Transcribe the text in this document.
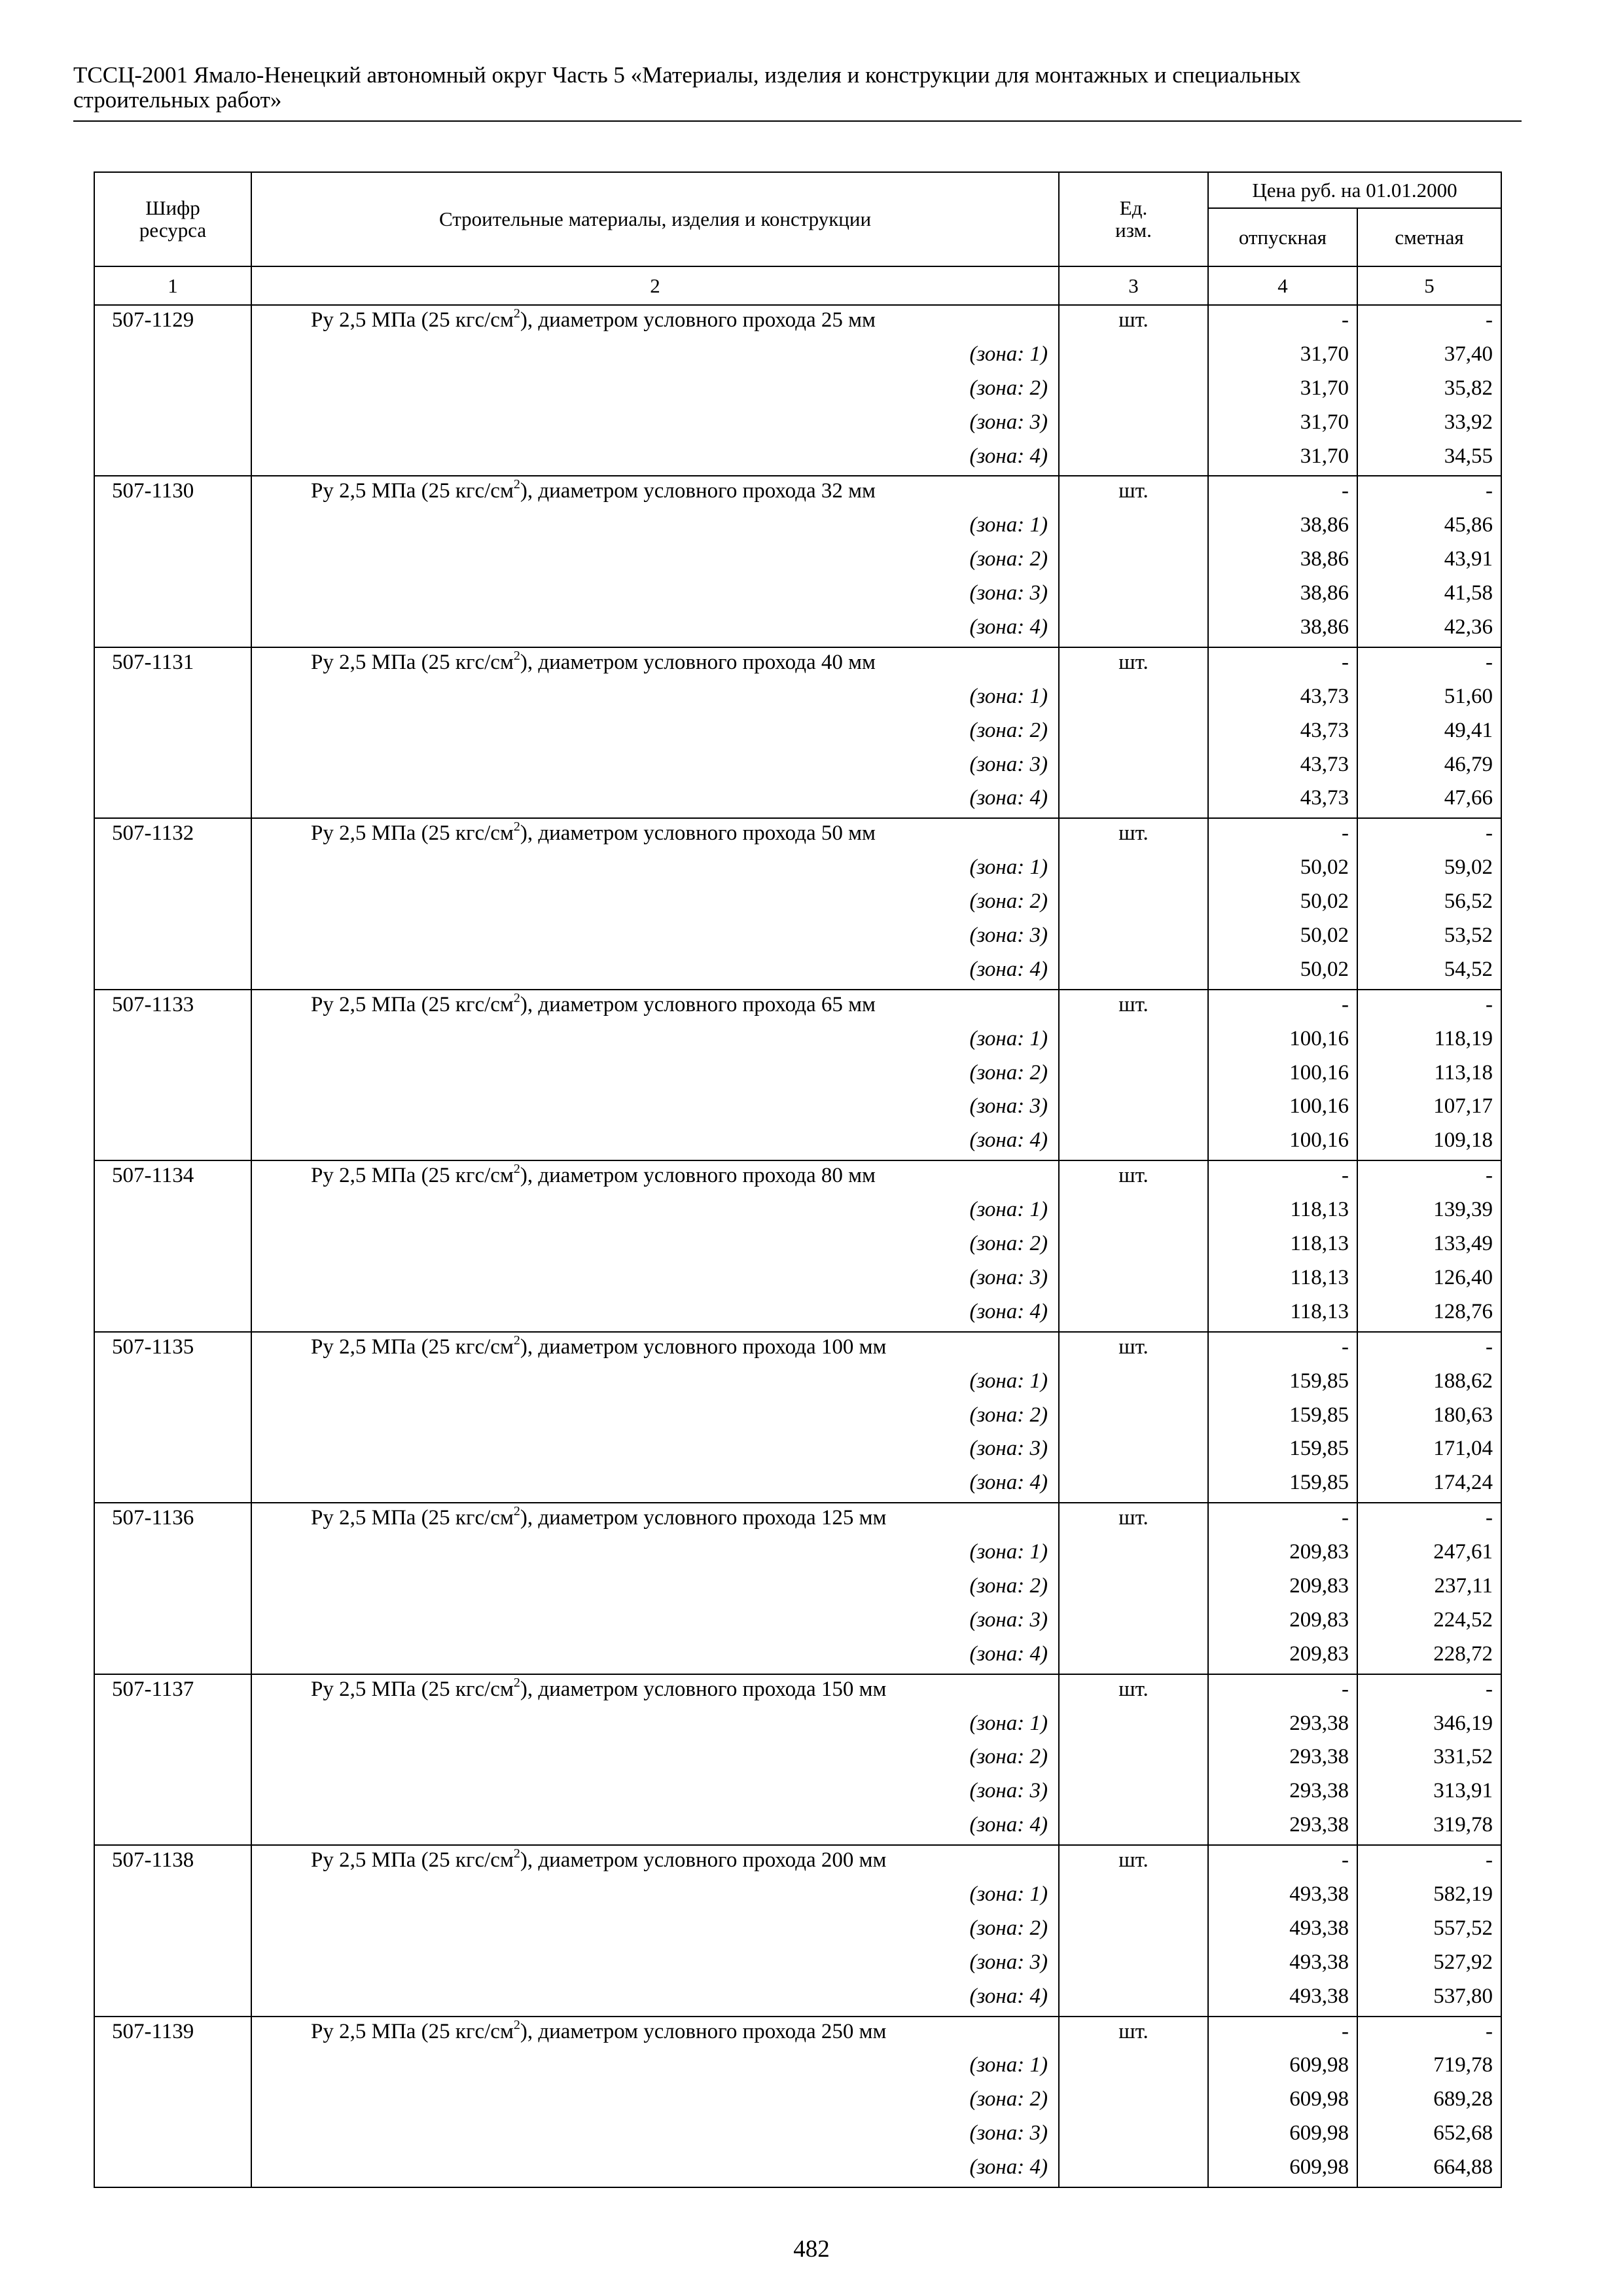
ТССЦ-2001 Ямало-Ненецкий автономный округ Часть 5 «Материалы, изделия и конструкции для монтажных и специальных
строительных работ»
Шифр ресурса	Строительные материалы, изделия и конструкции	Ед. изм.	Цена руб. на 01.01.2000	
			отпускная	сметная
1	2	3	4	5
507-1129	Ру 2,5 МПа (25 кгс/$см^2$), диаметром условного прохода 25 мм	шт.	-	-
	(зона: 1)		31,70	37,40
	(зона: 2)		31,70	35,82
	(зона: 3)		31,70	33,92
	(зона: 4)		31,70	34,55
507-1130	Ру 2,5 МПа (25 кгс/$см^2$), диаметром условного прохода 32 мм	шт.	-	-
	(зона: 1)		38,86	45,86
	(зона: 2)		38,86	43,91
	(зона: 3)		38,86	41,58
	(зона: 4)		38,86	42,36
507-1131	Ру 2,5 МПа (25 кгс/$см^2$), диаметром условного прохода 40 мм	шт.	-	-
	(зона: 1)		43,73	51,60
	(зона: 2)		43,73	49,41
	(зона: 3)		43,73	46,79
	(зона: 4)		43,73	47,66
507-1132	Ру 2,5 МПа (25 кгс/$см^2$), диаметром условного прохода 50 мм	шт.	-	-
	(зона: 1)		50,02	59,02
	(зона: 2)		50,02	56,52
	(зона: 3)		50,02	53,52
	(зона: 4)		50,02	54,52
507-1133	Ру 2,5 МПа (25 кгс/$см^2$), диаметром условного прохода 65 мм	шт.	-	-
	(зона: 1)		100,16	118,19
	(зона: 2)		100,16	113,18
	(зона: 3)		100,16	107,17
	(зона: 4)		100,16	109,18
507-1134	Ру 2,5 МПа (25 кгс/$см^2$), диаметром условного прохода 80 мм	шт.	-	-
	(зона: 1)		118,13	139,39
	(зона: 2)		118,13	133,49
	(зона: 3)		118,13	126,40
	(зона: 4)		118,13	128,76
507-1135	Ру 2,5 МПа (25 кгс/$см^2$), диаметром условного прохода 100 мм	шт.	-	-
	(зона: 1)		159,85	188,62
	(зона: 2)		159,85	180,63
	(зона: 3)		159,85	171,04
	(зона: 4)		159,85	174,24
507-1136	Ру 2,5 МПа (25 кгс/$см^2$), диаметром условного прохода 125 мм	шт.	-	-
	(зона: 1)		209,83	247,61
	(зона: 2)		209,83	237,11
	(зона: 3)		209,83	224,52
	(зона: 4)		209,83	228,72
507-1137	Ру 2,5 МПа (25 кгс/$см^2$), диаметром условного прохода 150 мм	шт.	-	-
	(зона: 1)		293,38	346,19
	(зона: 2)		293,38	331,52
	(зона: 3)		293,38	313,91
	(зона: 4)		293,38	319,78
507-1138	Ру 2,5 МПа (25 кгс/$см^2$), диаметром условного прохода 200 мм	шт.	-	-
	(зона: 1)		493,38	582,19
	(зона: 2)		493,38	557,52
	(зона: 3)		493,38	527,92
	(зона: 4)		493,38	537,80
507-1139	Ру 2,5 МПа (25 кгс/$см^2$), диаметром условного прохода 250 мм	шт.	-	-
	(зона: 1)		609,98	719,78
	(зона: 2)		609,98	689,28
	(зона: 3)		609,98	652,68
	(зона: 4)		609,98	664,88
482
